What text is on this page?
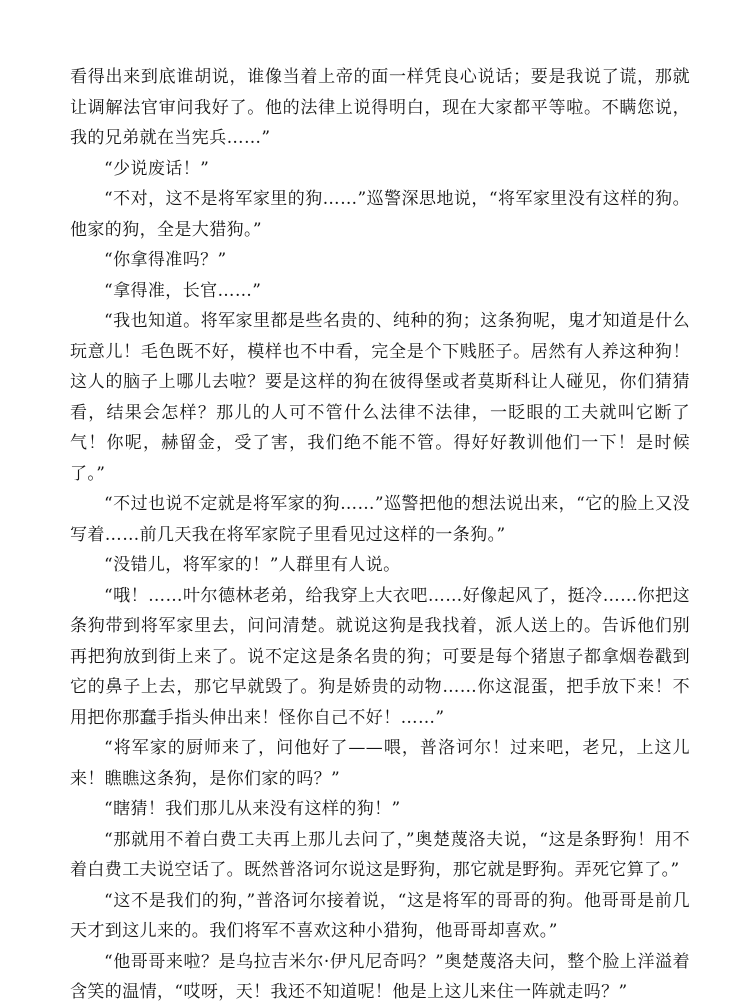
看得出来到底谁胡说，谁像当着上帝的面一样凭良心说话；要是我说了谎，那就让调解法官审问我好了。他的法律上说得明白，现在大家都平等啦。不瞒您说，我的兄弟就在当宪兵……”

“少说废话！”

“不对，这不是将军家里的狗……”巡警深思地说，“将军家里没有这样的狗。他家的狗，全是大猎狗。”

“你拿得准吗？”

“拿得准，长官……”

“我也知道。将军家里都是些名贵的、纯种的狗；这条狗呢，鬼才知道是什么玩意儿！毛色既不好，模样也不中看，完全是个下贱胚子。居然有人养这种狗！这人的脑子上哪儿去啦？要是这样的狗在彼得堡或者莫斯科让人碰见，你们猜猜看，结果会怎样？那儿的人可不管什么法律不法律，一眨眼的工夫就叫它断了气！你呢，赫留金，受了害，我们绝不能不管。得好好教训他们一下！是时候了。”

“不过也说不定就是将军家的狗……”巡警把他的想法说出来，“它的脸上又没写着……前几天我在将军家院子里看见过这样的一条狗。”

“没错儿，将军家的！”人群里有人说。

“哦！……叶尔德林老弟，给我穿上大衣吧……好像起风了，挺冷……你把这条狗带到将军家里去，问问清楚。就说这狗是我找着，派人送上的。告诉他们别再把狗放到街上来了。说不定这是条名贵的狗；可要是每个猪崽子都拿烟卷戳到它的鼻子上去，那它早就毁了。狗是娇贵的动物……你这混蛋，把手放下来！不用把你那蠢手指头伸出来！怪你自己不好！……”

“将军家的厨师来了，问他好了——喂，普洛诃尔！过来吧，老兄，上这儿来！瞧瞧这条狗，是你们家的吗？”

“瞎猜！我们那儿从来没有这样的狗！”

“那就用不着白费工夫再上那儿去问了，”奥楚蔑洛夫说，“这是条野狗！用不着白费工夫说空话了。既然普洛诃尔说这是野狗，那它就是野狗。弄死它算了。”

“这不是我们的狗，”普洛诃尔接着说，“这是将军的哥哥的狗。他哥哥是前几天才到这儿来的。我们将军不喜欢这种小猎狗，他哥哥却喜欢。”

“他哥哥来啦？是乌拉吉米尔·伊凡尼奇吗？”奥楚蔑洛夫问，整个脸上洋溢着含笑的温情，“哎呀，天！我还不知道呢！他是上这儿来住一阵就走吗？”
